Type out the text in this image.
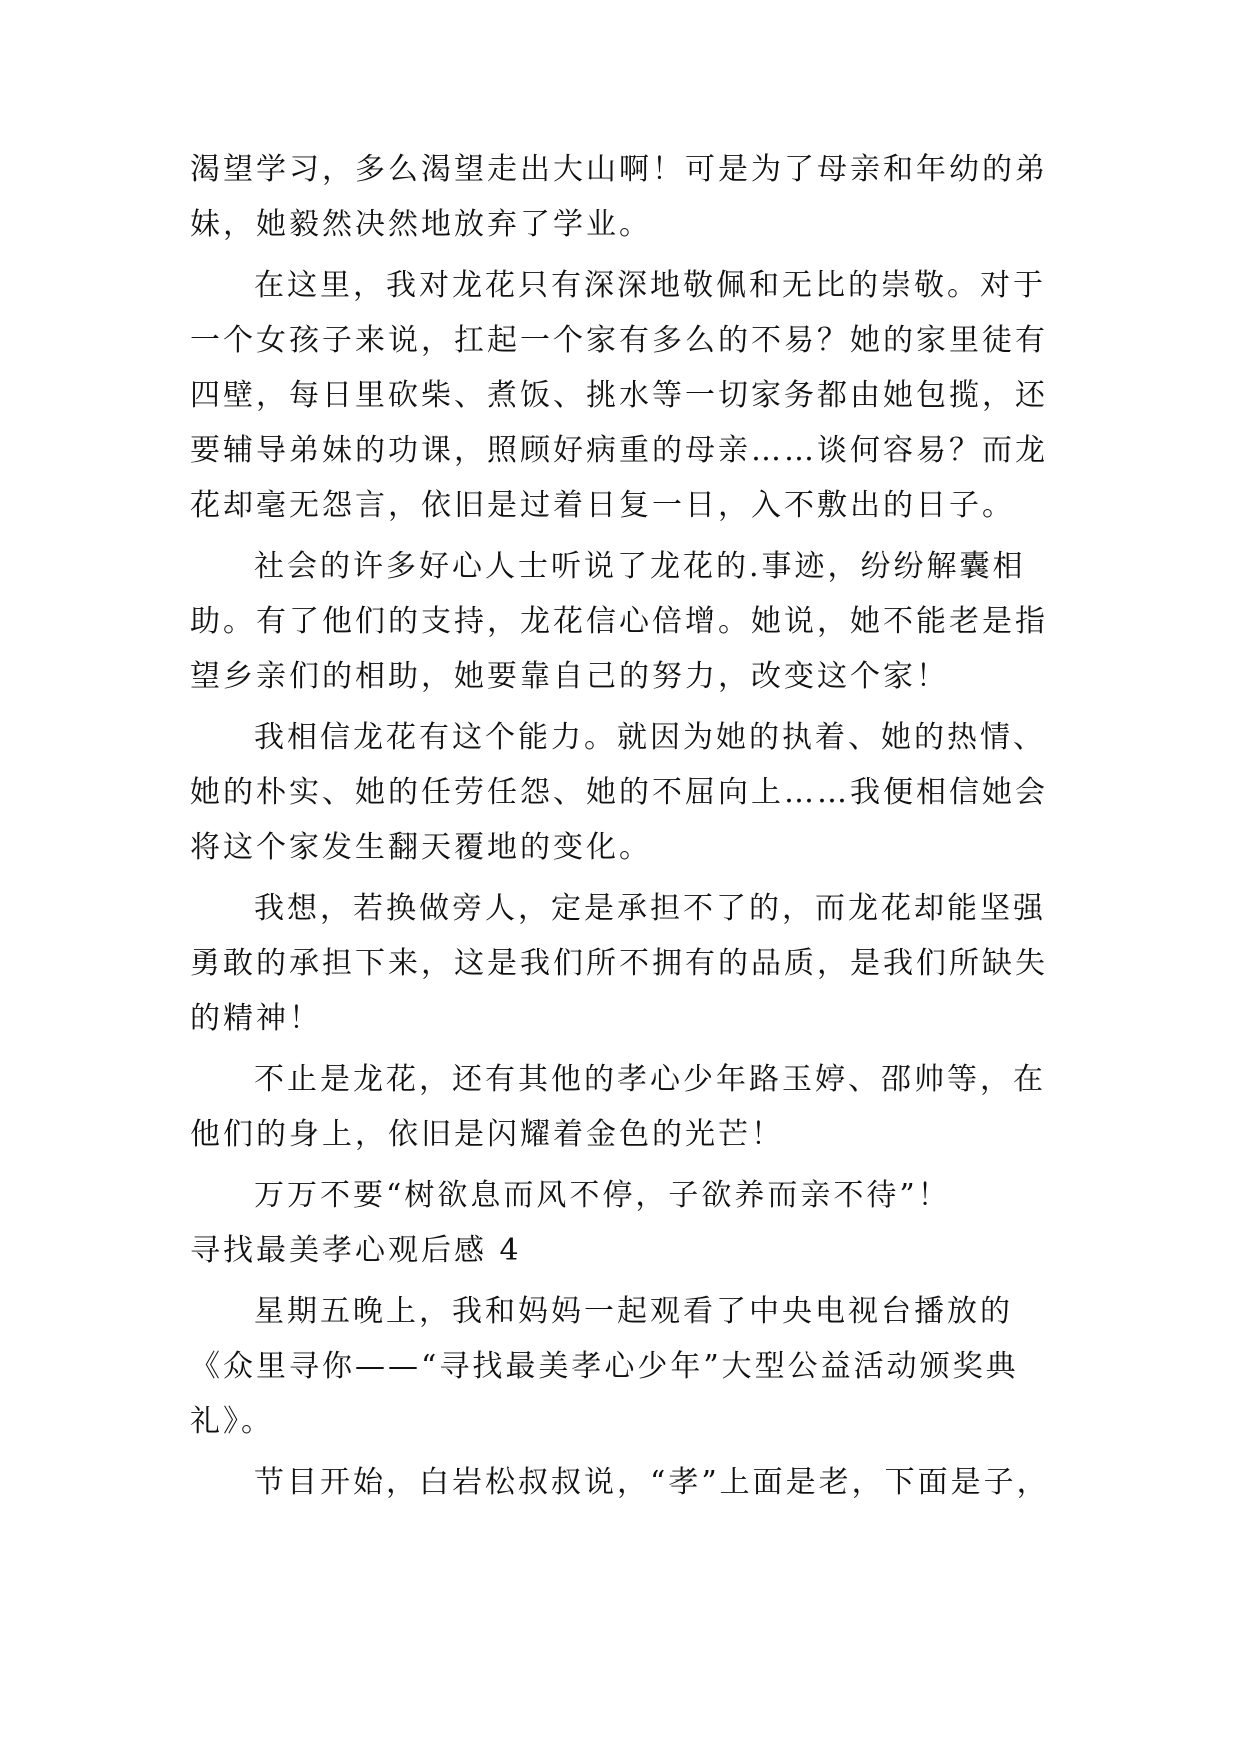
渴望学习，多么渴望走出大山啊！可是为了母亲和年幼的弟
妹，她毅然决然地放弃了学业。
在这里，我对龙花只有深深地敬佩和无比的崇敬。对于
一个女孩子来说，扛起一个家有多么的不易？她的家里徒有
四壁，每日里砍柴、煮饭、挑水等一切家务都由她包揽，还
要辅导弟妹的功课，照顾好病重的母亲……谈何容易？而龙
花却毫无怨言，依旧是过着日复一日，入不敷出的日子。
社会的许多好心人士听说了龙花的.事迹，纷纷解囊相
助。有了他们的支持，龙花信心倍增。她说，她不能老是指
望乡亲们的相助，她要靠自己的努力，改变这个家！
我相信龙花有这个能力。就因为她的执着、她的热情、
她的朴实、她的任劳任怨、她的不屈向上……我便相信她会
将这个家发生翻天覆地的变化。
我想，若换做旁人，定是承担不了的，而龙花却能坚强
勇敢的承担下来，这是我们所不拥有的品质，是我们所缺失
的精神！
不止是龙花，还有其他的孝心少年路玉婷、邵帅等，在
他们的身上，依旧是闪耀着金色的光芒！
万万不要“树欲息而风不停，子欲养而亲不待”！
寻找最美孝心观后感 4
星期五晚上，我和妈妈一起观看了中央电视台播放的
《众里寻你——“寻找最美孝心少年”大型公益活动颁奖典
礼》。
节目开始，白岩松叔叔说，“孝”上面是老，下面是子，
